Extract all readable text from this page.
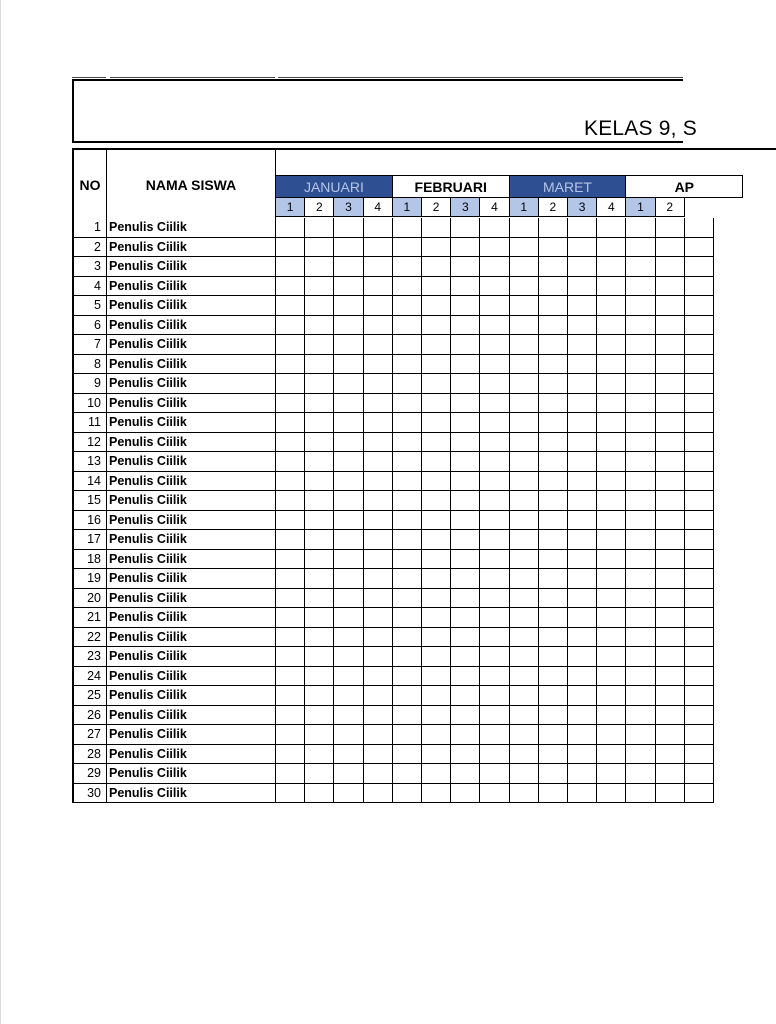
KELAS 9, S
NO	NAMA SISWA	JANUARI	FEBRUARI	MARET	AP
1	2	3	4	1	2	3	4	1	2	3	4	1	2
1 Penulis Ciilik
2 Penulis Ciilik
3 Penulis Ciilik
4 Penulis Ciilik
5 Penulis Ciilik
6 Penulis Ciilik
7 Penulis Ciilik
8 Penulis Ciilik
9 Penulis Ciilik
10 Penulis Ciilik
11 Penulis Ciilik
12 Penulis Ciilik
13 Penulis Ciilik
14 Penulis Ciilik
15 Penulis Ciilik
16 Penulis Ciilik
17 Penulis Ciilik
18 Penulis Ciilik
19 Penulis Ciilik
20 Penulis Ciilik
21 Penulis Ciilik
22 Penulis Ciilik
23 Penulis Ciilik
24 Penulis Ciilik
25 Penulis Ciilik
26 Penulis Ciilik
27 Penulis Ciilik
28 Penulis Ciilik
29 Penulis Ciilik
30 Penulis Ciilik
